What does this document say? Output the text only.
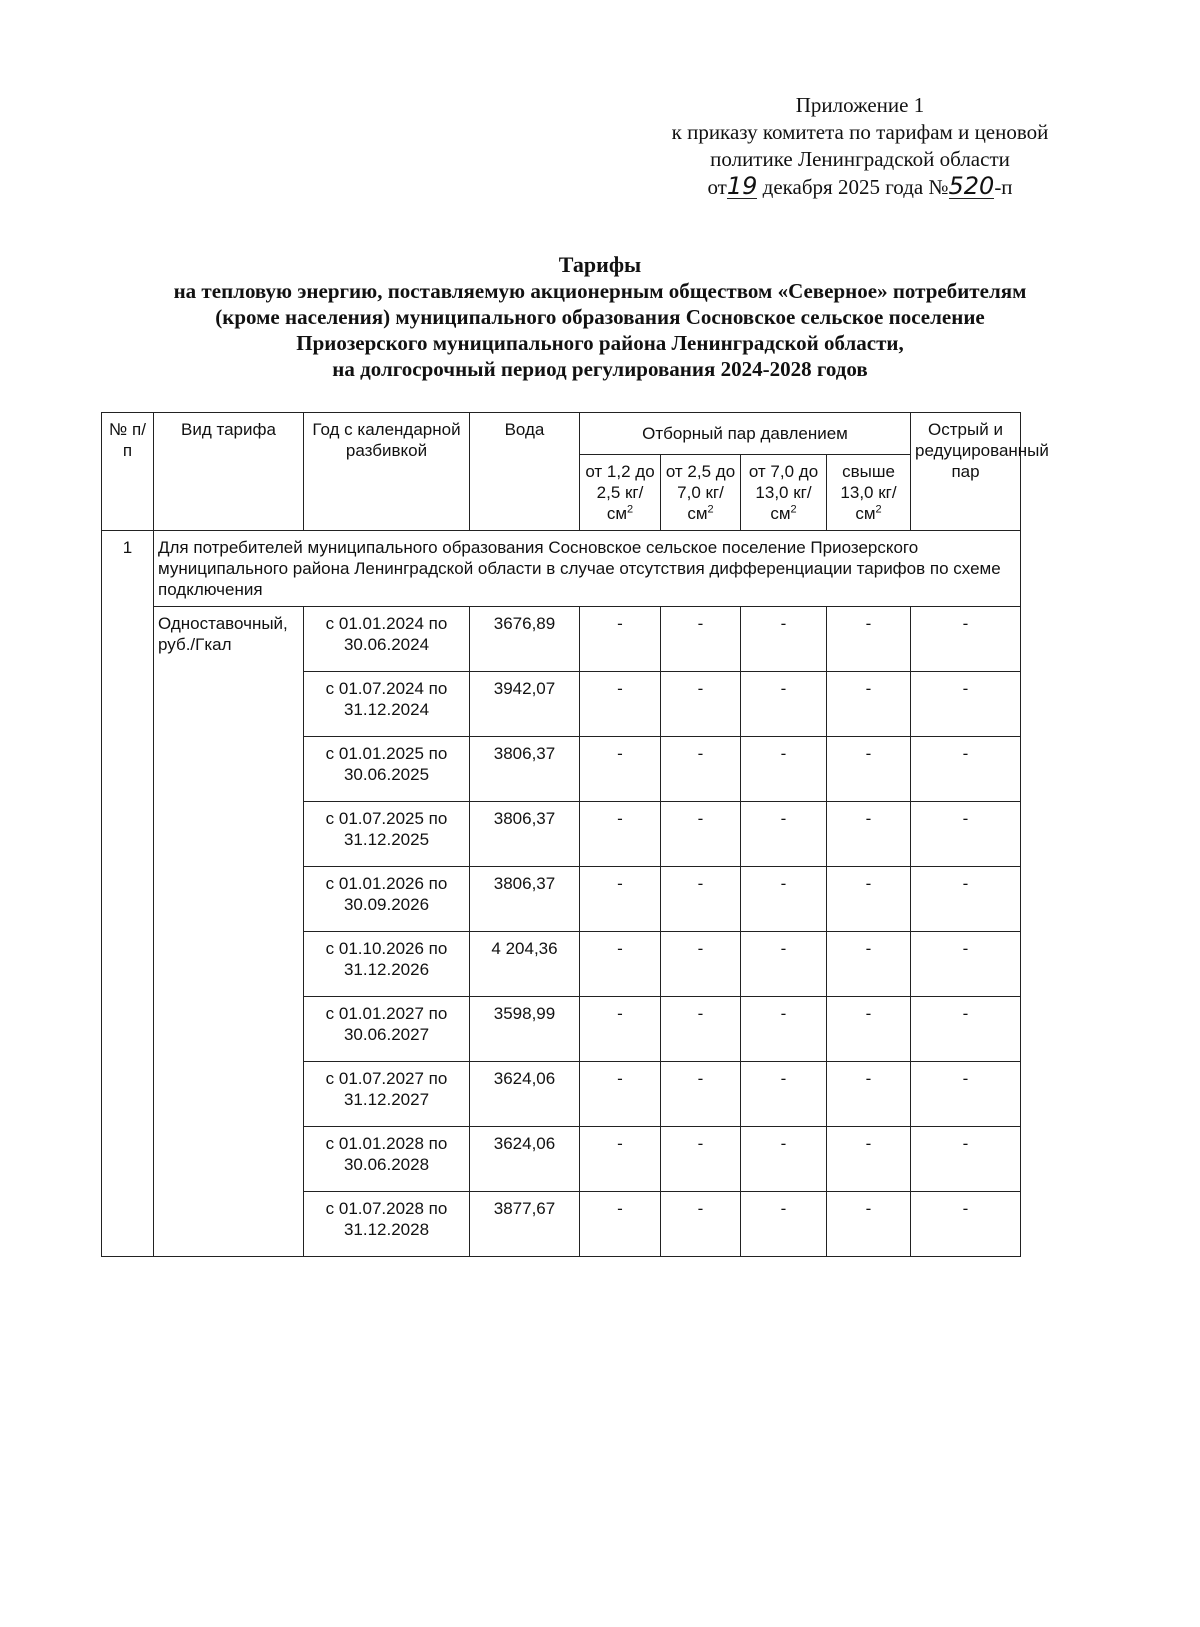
Приложение 1
к приказу комитета по тарифам и ценовой
политике Ленинградской области
от19 декабря 2025 года №520-п
Тарифы
на тепловую энергию, поставляемую акционерным обществом «Северное» потребителям
(кроме населения) муниципального образования Сосновское сельское поселение
Приозерского муниципального района Ленинградской области,
на долгосрочный период регулирования 2024-2028 годов
№ п/п	Вид тарифа	Год с календарной разбивкой	Вода	Отборный пар давлением				Острый и редуцированный пар
				от 1,2 до 2,5 $кг/см^2$	от 2,5 до 7,0 $кг/см^2$	от 7,0 до 13,0 $кг/см^2$	свыше 13,0 $кг/см^2$
1	Для потребителей муниципального образования Сосновское сельское поселение Приозерского муниципального района Ленинградской области в случае отсутствия дифференциации тарифов по схеме подключения							
	Одноставочный, руб./Гкал	с 01.01.2024 по 30.06.2024	3676,89	-	-	-	-	-
		с 01.07.2024 по 31.12.2024	3942,07	-	-	-	-	-
		с 01.01.2025 по 30.06.2025	3806,37	-	-	-	-	-
		с 01.07.2025 по 31.12.2025	3806,37	-	-	-	-	-
		с 01.01.2026 по 30.09.2026	3806,37	-	-	-	-	-
		с 01.10.2026 по 31.12.2026	4 204,36	-	-	-	-	-
		с 01.01.2027 по 30.06.2027	3598,99	-	-	-	-	-
		с 01.07.2027 по 31.12.2027	3624,06	-	-	-	-	-
		с 01.01.2028 по 30.06.2028	3624,06	-	-	-	-	-
		с 01.07.2028 по 31.12.2028	3877,67	-	-	-	-	-
